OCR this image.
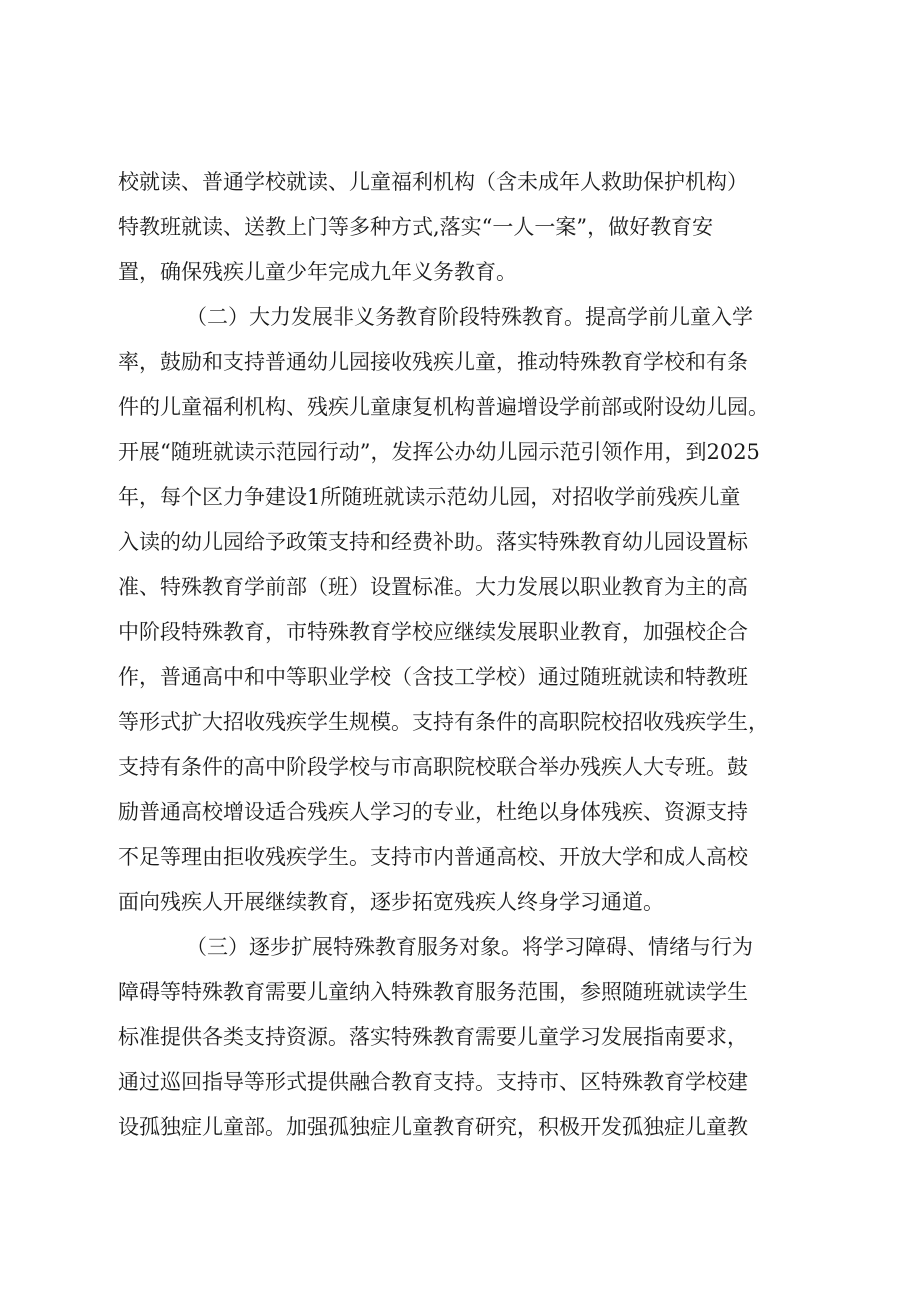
校就读、普通学校就读、儿童福利机构（含未成年人救助保护机构）
特教班就读、送教上门等多种方式,落实“一人一案”，做好教育安
置，确保残疾儿童少年完成九年义务教育。
（二）大力发展非义务教育阶段特殊教育。提高学前儿童入学
率，鼓励和支持普通幼儿园接收残疾儿童，推动特殊教育学校和有条
件的儿童福利机构、残疾儿童康复机构普遍增设学前部或附设幼儿园。
开展“随班就读示范园行动”，发挥公办幼儿园示范引领作用，到2025
年，每个区力争建设1所随班就读示范幼儿园，对招收学前残疾儿童
入读的幼儿园给予政策支持和经费补助。落实特殊教育幼儿园设置标
准、特殊教育学前部（班）设置标准。大力发展以职业教育为主的高
中阶段特殊教育，市特殊教育学校应继续发展职业教育，加强校企合
作，普通高中和中等职业学校（含技工学校）通过随班就读和特教班
等形式扩大招收残疾学生规模。支持有条件的高职院校招收残疾学生，
支持有条件的高中阶段学校与市高职院校联合举办残疾人大专班。鼓
励普通高校增设适合残疾人学习的专业，杜绝以身体残疾、资源支持
不足等理由拒收残疾学生。支持市内普通高校、开放大学和成人高校
面向残疾人开展继续教育，逐步拓宽残疾人终身学习通道。
（三）逐步扩展特殊教育服务对象。将学习障碍、情绪与行为
障碍等特殊教育需要儿童纳入特殊教育服务范围，参照随班就读学生
标准提供各类支持资源。落实特殊教育需要儿童学习发展指南要求，
通过巡回指导等形式提供融合教育支持。支持市、区特殊教育学校建
设孤独症儿童部。加强孤独症儿童教育研究，积极开发孤独症儿童教
